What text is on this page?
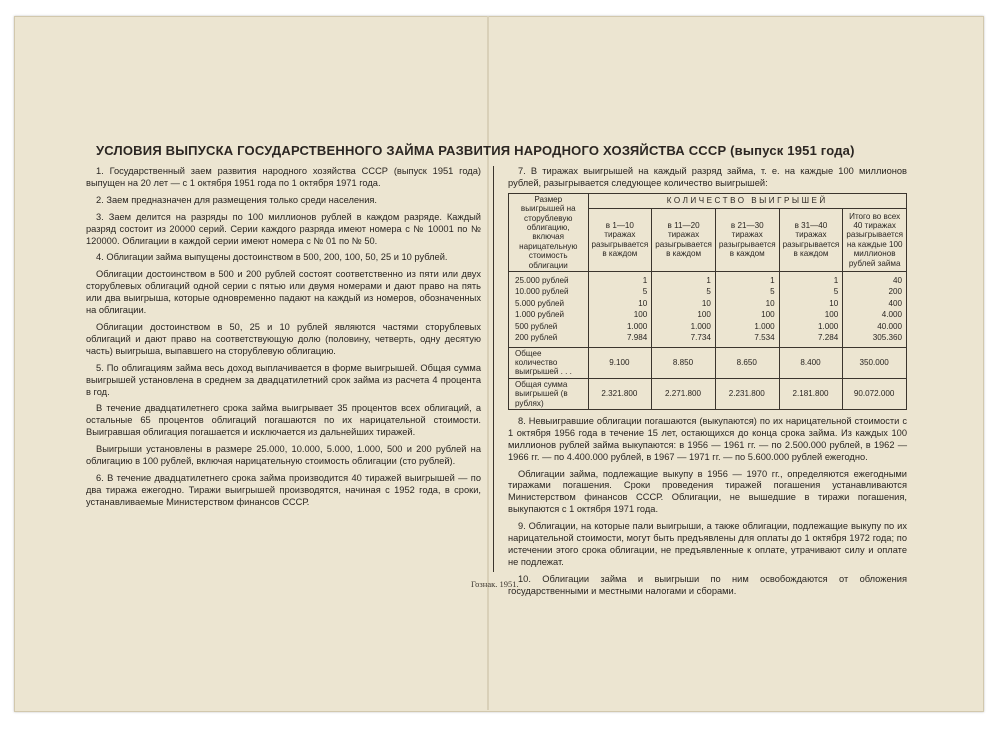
УСЛОВИЯ ВЫПУСКА ГОСУДАРСТВЕННОГО ЗАЙМА РАЗВИТИЯ НАРОДНОГО ХОЗЯЙСТВА СССР (выпуск 1951 года)

1. Государственный заем развития народного хозяйства СССР (выпуск 1951 года) выпущен на 20 лет — с 1 октября 1951 года по 1 октября 1971 года.

2. Заем предназначен для размещения только среди населения.

3. Заем делится на разряды по 100 миллионов рублей в каждом разряде. Каждый разряд состоит из 20000 серий. Серии каждого разряда имеют номера с № 10001 по № 120000. Облигации в каждой серии имеют номера с № 01 по № 50.

4. Облигации займа выпущены достоинством в 500, 200, 100, 50, 25 и 10 рублей.

Облигации достоинством в 500 и 200 рублей состоят соответственно из пяти или двух сторублевых облигаций одной серии с пятью или двумя номерами и дают право на пять или два выигрыша, которые одновременно падают на каждый из номеров, обозначенных на облигации.

Облигации достоинством в 50, 25 и 10 рублей являются частями сторублевых облигаций и дают право на соответствующую долю (половину, четверть, одну десятую часть) выигрыша, выпавшего на сторублевую облигацию.

5. По облигациям займа весь доход выплачивается в форме выигрышей. Общая сумма выигрышей установлена в среднем за двадцатилетний срок займа из расчета 4 процента в год.

В течение двадцатилетнего срока займа выигрывает 35 процентов всех облигаций, а остальные 65 процентов облигаций погашаются по их нарицательной стоимости. Выигравшая облигация погашается и исключается из дальнейших тиражей.

Выигрыши установлены в размере 25.000, 10.000, 5.000, 1.000, 500 и 200 рублей на облигацию в 100 рублей, включая нарицательную стоимость облигации (сто рублей).

6. В течение двадцатилетнего срока займа производится 40 тиражей выигрышей — по два тиража ежегодно. Тиражи выигрышей производятся, начиная с 1952 года, в сроки, устанавливаемые Министерством финансов СССР.

7. В тиражах выигрышей на каждый разряд займа, т. е. на каждые 100 миллионов рублей, разыгрывается следующее количество выигрышей:

Размер выигрышей на сторублевую облигацию, включая нарицательную стоимость облигации	КОЛИЧЕСТВО ВЫИГРЫШЕЙ				
	в 1—10 тиражах разыгрывается в каждом	в 11—20 тиражах разыгрывается в каждом	в 21—30 тиражах разыгрывается в каждом	в 31—40 тиражах разыгрывается в каждом	Итого во всех 40 тиражах разыгрывается на каждые 100 миллионов рублей займа
25.000 рублей	1	1	1	1	40
10.000 рублей	5	5	5	5	200
5.000 рублей	10	10	10	10	400
1.000 рублей	100	100	100	100	4.000
500 рублей	1.000	1.000	1.000	1.000	40.000
200 рублей	7.984	7.734	7.534	7.284	305.360
Общее количество выигрышей . . .	9.100	8.850	8.650	8.400	350.000
Общая сумма выигрышей (в рублях)	2.321.800	2.271.800	2.231.800	2.181.800	90.072.000

8. Невыигравшие облигации погашаются (выкупаются) по их нарицательной стоимости с 1 октября 1956 года в течение 15 лет, остающихся до конца срока займа. Из каждых 100 миллионов рублей займа выкупаются: в 1956 — 1961 гг. — по 2.500.000 рублей, в 1962 — 1966 гг. — по 4.400.000 рублей, в 1967 — 1971 гг. — по 5.600.000 рублей ежегодно.

Облигации займа, подлежащие выкупу в 1956 — 1970 гг., определяются ежегодными тиражами погашения. Сроки проведения тиражей погашения устанавливаются Министерством финансов СССР. Облигации, не вышедшие в тиражи погашения, выкупаются с 1 октября 1971 года.

9. Облигации, на которые пали выигрыши, а также облигации, подлежащие выкупу по их нарицательной стоимости, могут быть предъявлены для оплаты до 1 октября 1972 года; по истечении этого срока облигации, не предъявленные к оплате, утрачивают силу и оплате не подлежат.

10. Облигации займа и выигрыши по ним освобождаются от обложения государственными и местными налогами и сборами.

Гознак. 1951.
